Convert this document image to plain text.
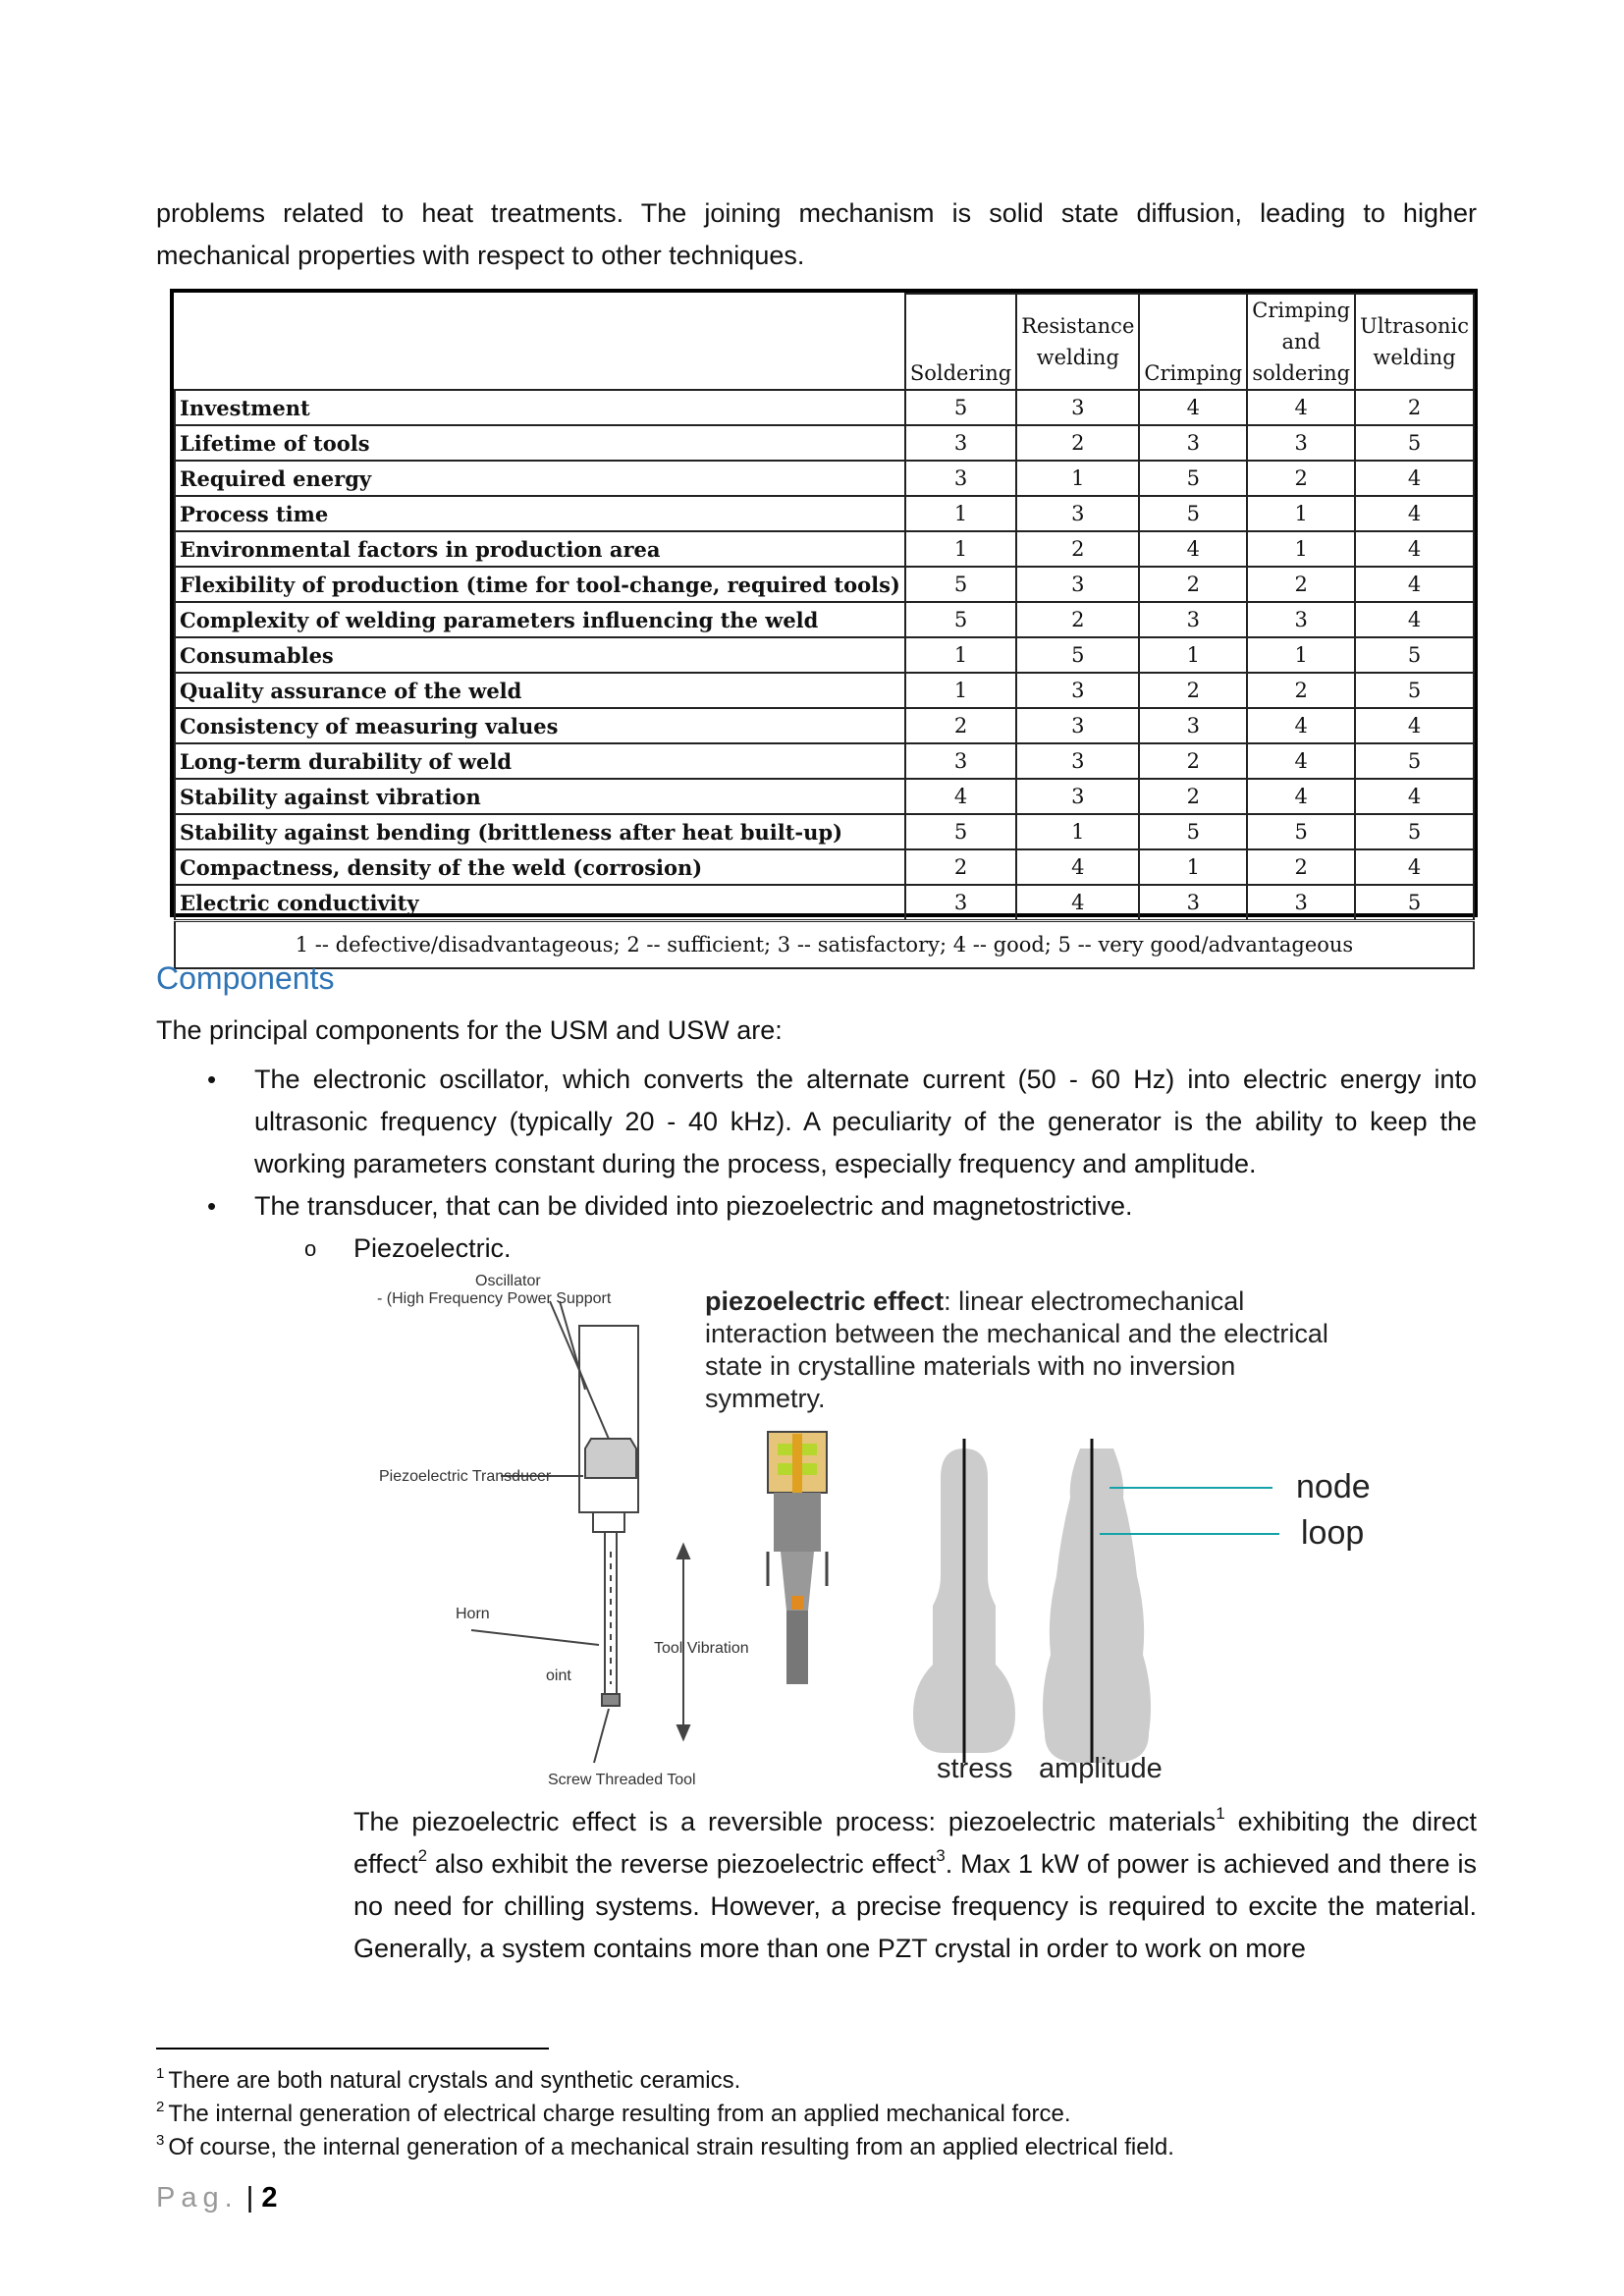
problems related to heat treatments. The joining mechanism is solid state diffusion, leading to higher

mechanical properties with respect to other techniques.

	Soldering	Resistance welding	Crimping	Crimping and soldering	Ultrasonic welding
Investment	5	3	4	4	2
Lifetime of tools	3	2	3	3	5
Required energy	3	1	5	2	4
Process time	1	3	5	1	4
Environmental factors in production area	1	2	4	1	4
Flexibility of production (time for tool-change, required tools)	5	3	2	2	4
Complexity of welding parameters influencing the weld	5	2	3	3	4
Consumables	1	5	1	1	5
Quality assurance of the weld	1	3	2	2	5
Consistency of measuring values	2	3	3	4	4
Long-term durability of weld	3	3	2	4	5
Stability against vibration	4	3	2	4	4
Stability against bending (brittleness after heat built-up)	5	1	5	5	5
Compactness, density of the weld (corrosion)	2	4	1	2	4
Electric conductivity	3	4	3	3	5
1 -- defective/disadvantageous; 2 -- sufficient; 3 -- satisfactory; 4 -- good; 5 -- very good/advantageous					
Components

The principal components for the USM and USW are:

• The electronic oscillator, which converts the alternate current (50 - 60 Hz) into electric energy into ultrasonic frequency (typically 20 - 40 kHz). A peculiarity of the generator is the ability to keep the working parameters constant during the process, especially frequency and amplitude.
• The transducer, that can be divided into piezoelectric and magnetostrictive.
o Piezoelectric.
Oscillator
- (High Frequency Power Support
Piezoelectric Transducer
Horn
oint
Tool Vibration
Screw Threaded Tool
piezoelectric effect: linear electromechanical interaction between the mechanical and the electrical state in crystalline materials with no inversion symmetry.
node
loop
stress amplitude

The piezoelectric effect is a reversible process: piezoelectric materials$^1$ exhibiting the direct effect$^2$ also exhibit the reverse piezoelectric effect$^3$. Max 1 kW of power is achieved and there is no need for chilling systems. However, a precise frequency is required to excite the material. Generally, a system contains more than one PZT crystal in order to work on more

$^1$ There are both natural crystals and synthetic ceramics.
$^2$ The internal generation of electrical charge resulting from an applied mechanical force.
$^3$ Of course, the internal generation of a mechanical strain resulting from an applied electrical field.
Pag. | 2
